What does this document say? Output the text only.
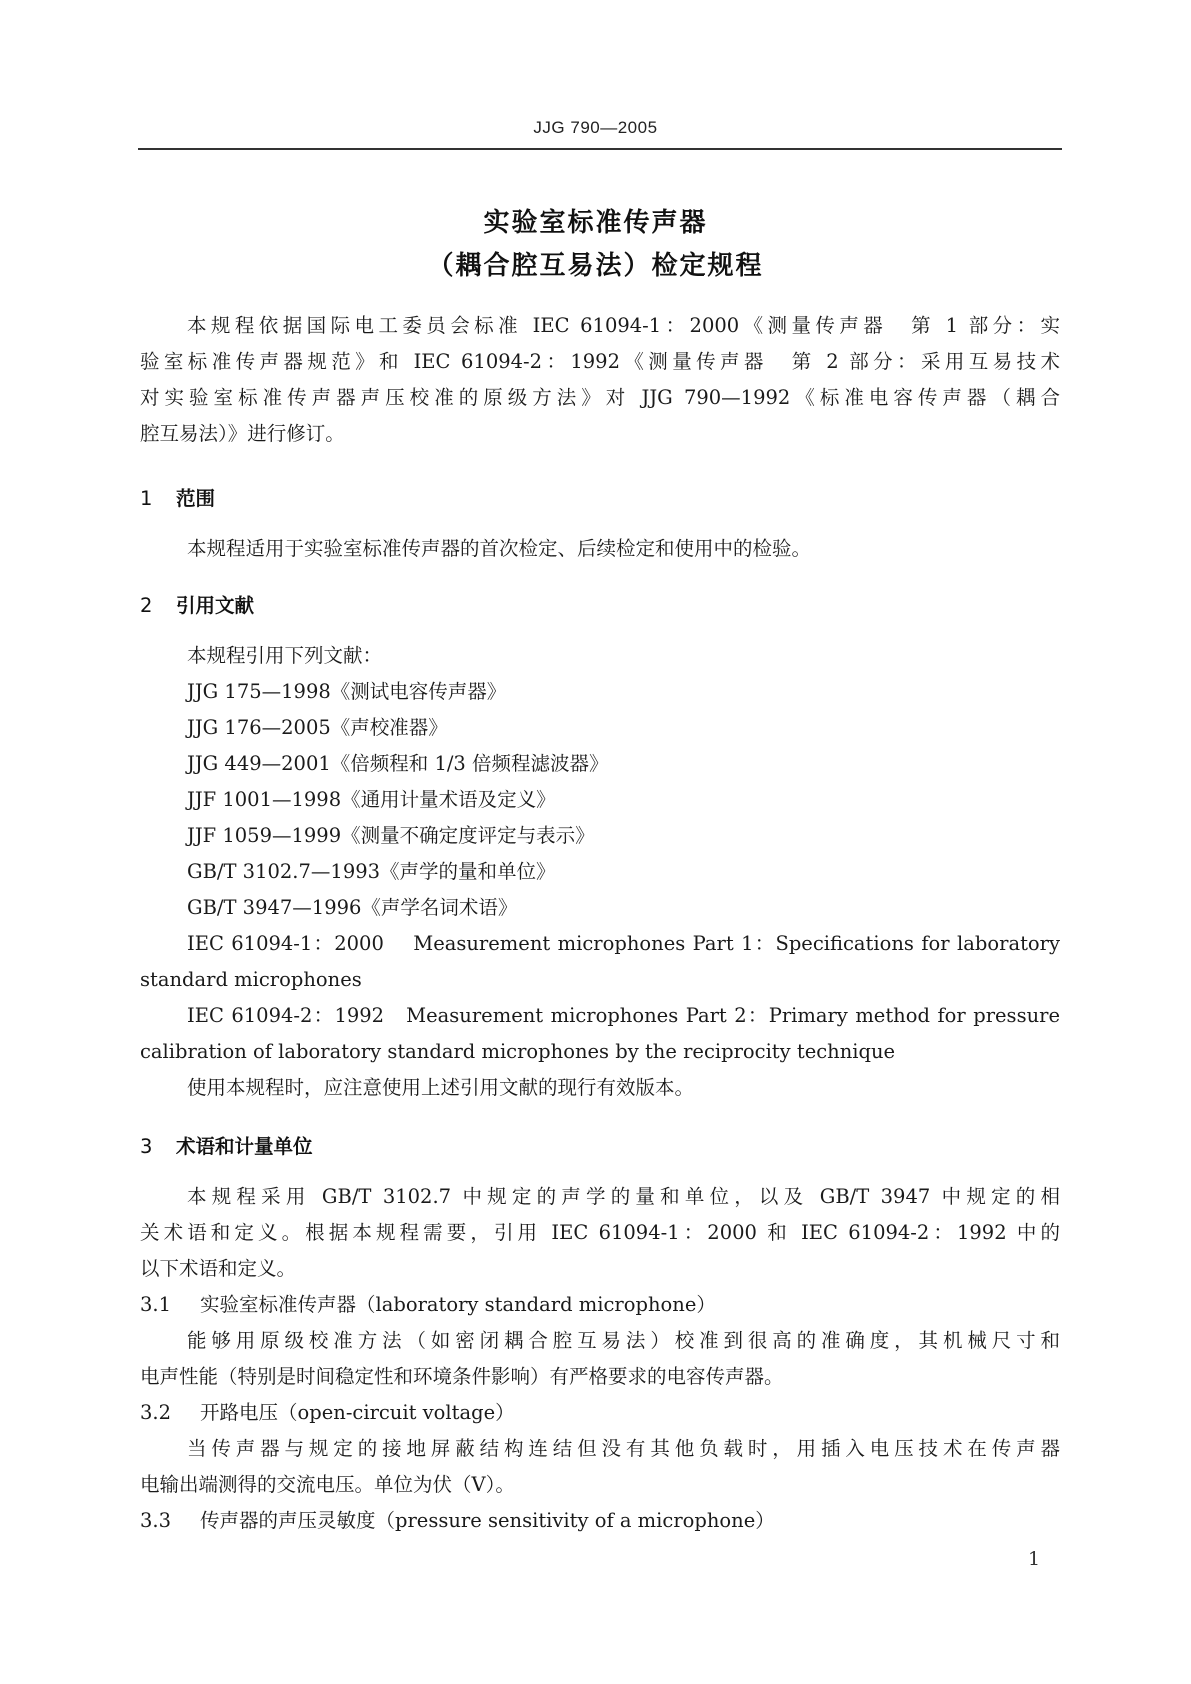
JJG 790—2005
实验室标准传声器
（耦合腔互易法）检定规程
本规程依据国际电工委员会标准 IEC 61094-1：2000《测量传声器　第 1 部分：实
验室标准传声器规范》和 IEC 61094-2：1992《测量传声器　第 2 部分：采用互易技术
对实验室标准传声器声压校准的原级方法》对 JJG 790—1992《标准电容传声器（耦合
腔互易法）》进行修订。
1 范围
本规程适用于实验室标准传声器的首次检定、后续检定和使用中的检验。
2 引用文献
本规程引用下列文献：
JJG 175—1998《测试电容传声器》
JJG 176—2005《声校准器》
JJG 449—2001《倍频程和 1/3 倍频程滤波器》
JJF 1001—1998《通用计量术语及定义》
JJF 1059—1999《测量不确定度评定与表示》
GB/T 3102.7—1993《声学的量和单位》
GB/T 3947—1996《声学名词术语》
IEC 61094-1：2000　 Measurement microphones Part 1：Specifications for laboratory
standard microphones
IEC 61094-2：1992　Measurement microphones Part 2：Primary method for pressure
calibration of laboratory standard microphones by the reciprocity technique
使用本规程时，应注意使用上述引用文献的现行有效版本。
3 术语和计量单位
本规程采用 GB/T 3102.7 中规定的声学的量和单位，以及 GB/T 3947 中规定的相
关术语和定义。根据本规程需要，引用 IEC 61094-1：2000 和 IEC 61094-2：1992 中的
以下术语和定义。
3.1 实验室标准传声器（laboratory standard microphone）
能够用原级校准方法（如密闭耦合腔互易法）校准到很高的准确度，其机械尺寸和
电声性能（特别是时间稳定性和环境条件影响）有严格要求的电容传声器。
3.2 开路电压（open-circuit voltage）
当传声器与规定的接地屏蔽结构连结但没有其他负载时，用插入电压技术在传声器
电输出端测得的交流电压。单位为伏（V）。
3.3 传声器的声压灵敏度（pressure sensitivity of a microphone）
1
